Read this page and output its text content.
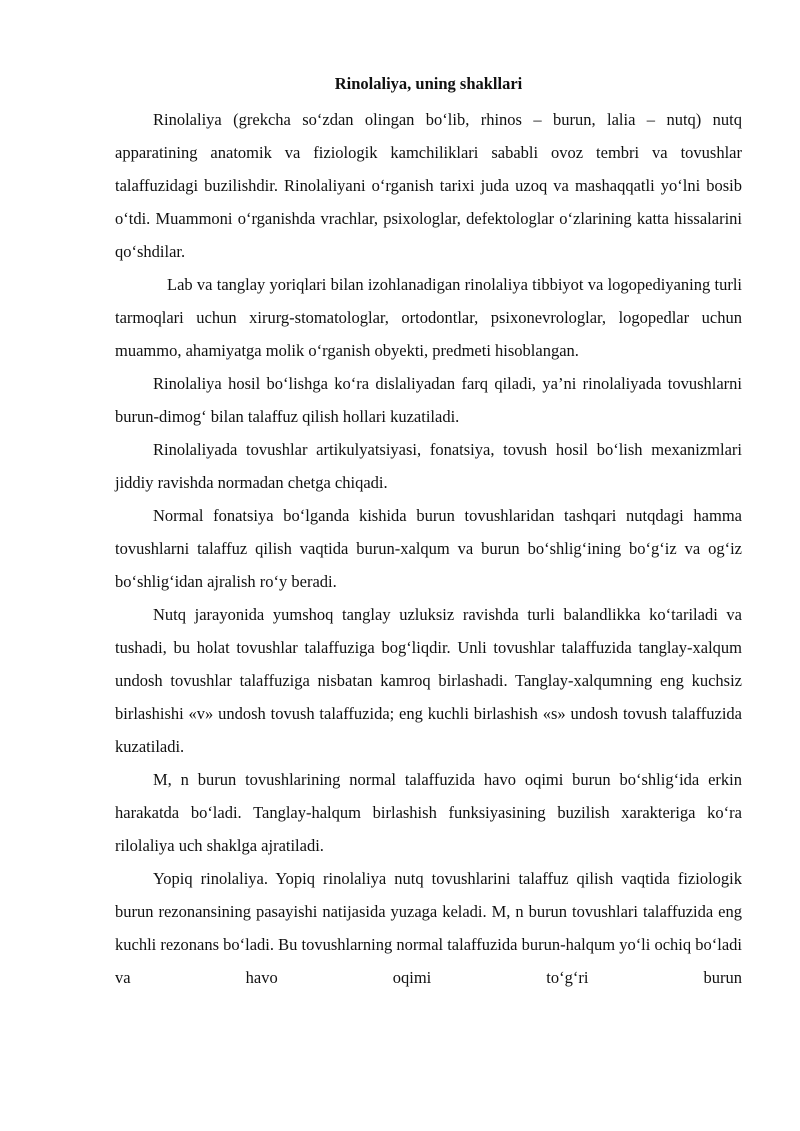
Rinolaliya, uning shakllari

Rinolaliya (grekcha so‘zdan olingan bo‘lib, rhinos – burun, lalia – nutq) nutq apparatining anatomik va fiziologik kamchiliklari sababli ovoz tembri va tovushlar talaffuzidagi buzilishdir. Rinolaliyani o‘rganish tarixi juda uzoq va mashaqqatli yo‘lni bosib o‘tdi. Muammoni o‘rganishda vrachlar, psixologlar, defektologlar o‘zlarining katta hissalarini qo‘shdilar.

Lab va tanglay yoriqlari bilan izohlanadigan rinolaliya tibbiyot va logopediyaning turli tarmoqlari uchun xirurg-stomatologlar, ortodontlar, psixonevrologlar, logopedlar uchun muammo, ahamiyatga molik o‘rganish obyekti, predmeti hisoblangan.

Rinolaliya hosil bo‘lishga ko‘ra dislaliyadan farq qiladi, ya’ni rinolaliyada tovushlarni burun-dimog‘ bilan talaffuz qilish hollari kuzatiladi.

Rinolaliyada tovushlar artikulyatsiyasi, fonatsiya, tovush hosil bo‘lish mexanizmlari jiddiy ravishda normadan chetga chiqadi.

Normal fonatsiya bo‘lganda kishida burun tovushlaridan tashqari nutqdagi hamma tovushlarni talaffuz qilish vaqtida burun-xalqum va burun bo‘shlig‘ining bo‘g‘iz va og‘iz bo‘shlig‘idan ajralish ro‘y beradi.

Nutq jarayonida yumshoq tanglay uzluksiz ravishda turli balandlikka ko‘tariladi va tushadi, bu holat tovushlar talaffuziga bog‘liqdir. Unli tovushlar talaffuzida tanglay-xalqum undosh tovushlar talaffuziga nisbatan kamroq birlashadi. Tanglay-xalqumning eng kuchsiz birlashishi «v» undosh tovush talaffuzida; eng kuchli birlashish «s» undosh tovush talaffuzida kuzatiladi.

M, n burun tovushlarining normal talaffuzida havo oqimi burun bo‘shlig‘ida erkin harakatda bo‘ladi. Tanglay-halqum birlashish funksiyasining buzilish xarakteriga ko‘ra rilolaliya uch shaklga ajratiladi.

Yopiq rinolaliya. Yopiq rinolaliya nutq tovushlarini talaffuz qilish vaqtida fiziologik burun rezonansining pasayishi natijasida yuzaga keladi. M, n burun tovushlari talaffuzida eng kuchli rezonans bo‘ladi. Bu tovushlarning normal talaffuzida burun-halqum yo‘li ochiq bo‘ladi va havo oqimi to‘g‘ri burun
